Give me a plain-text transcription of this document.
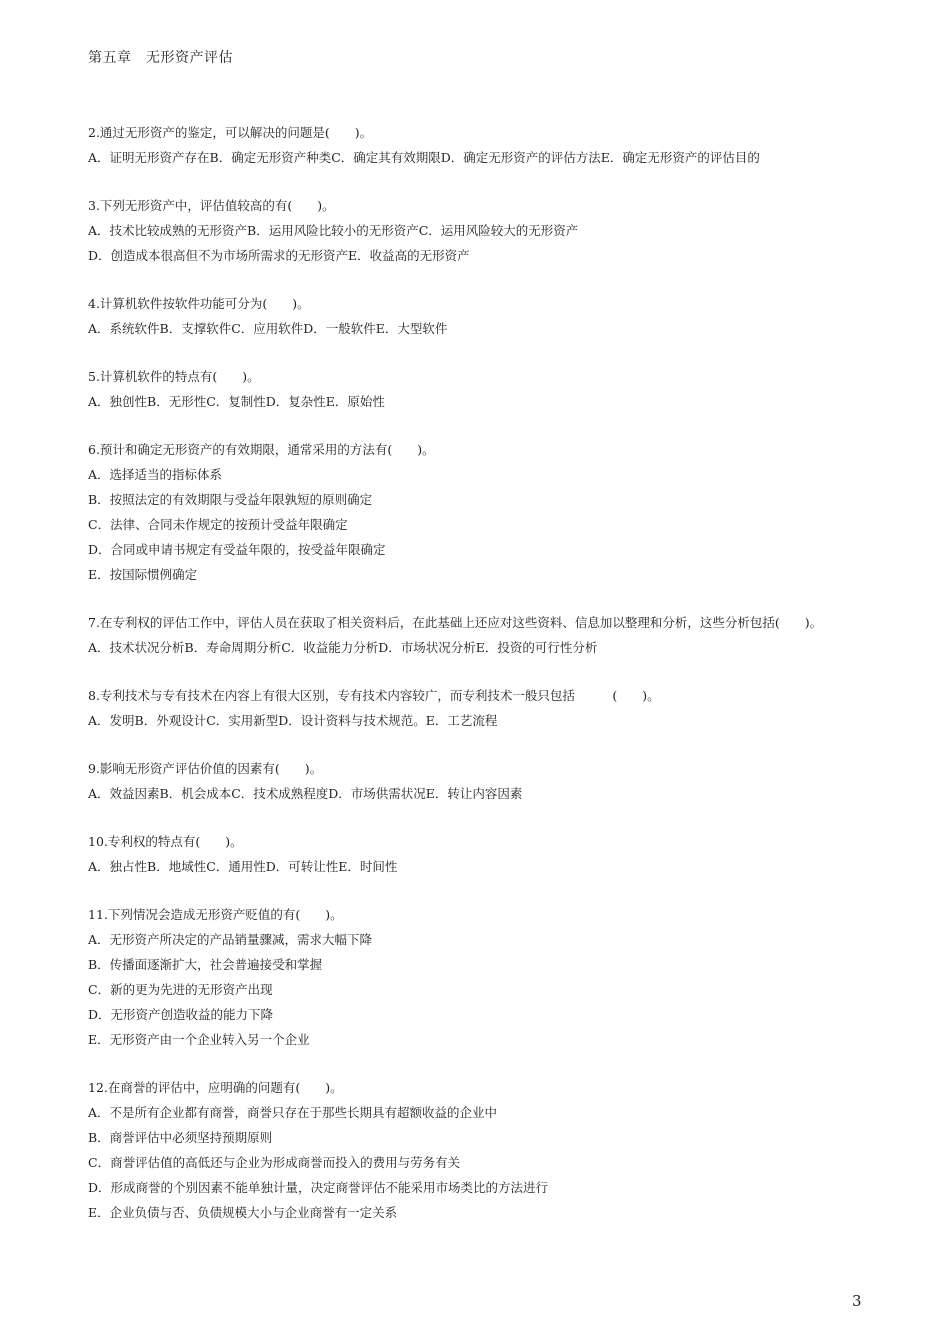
第五章　无形资产评估
2.通过无形资产的鉴定，可以解决的问题是(　　)。
A．证明无形资产存在B．确定无形资产种类C．确定其有效期限D．确定无形资产的评估方法E．确定无形资产的评估目的
3.下列无形资产中，评估值较高的有(　　)。
A．技术比较成熟的无形资产B．运用风险比较小的无形资产C．运用风险较大的无形资产
D．创造成本很高但不为市场所需求的无形资产E．收益高的无形资产
4.计算机软件按软件功能可分为(　　)。
A．系统软件B．支撑软件C．应用软件D．一般软件E．大型软件
5.计算机软件的特点有(　　)。
A．独创性B．无形性C．复制性D．复杂性E．原始性
6.预计和确定无形资产的有效期限，通常采用的方法有(　　)。
A．选择适当的指标体系
B．按照法定的有效期限与受益年限孰短的原则确定
C．法律、合同未作规定的按预计受益年限确定
D．合同或申请书规定有受益年限的，按受益年限确定
E．按国际惯例确定
7.在专利权的评估工作中，评估人员在获取了相关资料后，在此基础上还应对这些资料、信息加以整理和分析，这些分析包括(　　)。
A．技术状况分析B．寿命周期分析C．收益能力分析D．市场状况分析E．投资的可行性分析
8.专利技术与专有技术在内容上有很大区别，专有技术内容较广，而专利技术一般只包括　　　(　　)。
A．发明B．外观设计C．实用新型D．设计资料与技术规范。E．工艺流程
9.影响无形资产评估价值的因素有(　　)。
A．效益因素B．机会成本C．技术成熟程度D．市场供需状况E．转让内容因素
10.专利权的特点有(　　)。
A．独占性B．地域性C．通用性D．可转让性E．时间性
11.下列情况会造成无形资产贬值的有(　　)。
A．无形资产所决定的产品销量骤减，需求大幅下降
B．传播面逐渐扩大，社会普遍接受和掌握
C．新的更为先进的无形资产出现
D．无形资产创造收益的能力下降
E．无形资产由一个企业转入另一个企业
12.在商誉的评估中，应明确的问题有(　　)。
A．不是所有企业都有商誉，商誉只存在于那些长期具有超额收益的企业中
B．商誉评估中必须坚持预期原则
C．商誉评估值的高低还与企业为形成商誉而投入的费用与劳务有关
D．形成商誉的个别因素不能单独计量，决定商誉评估不能采用市场类比的方法进行
E．企业负债与否、负债规模大小与企业商誉有一定关系
3
